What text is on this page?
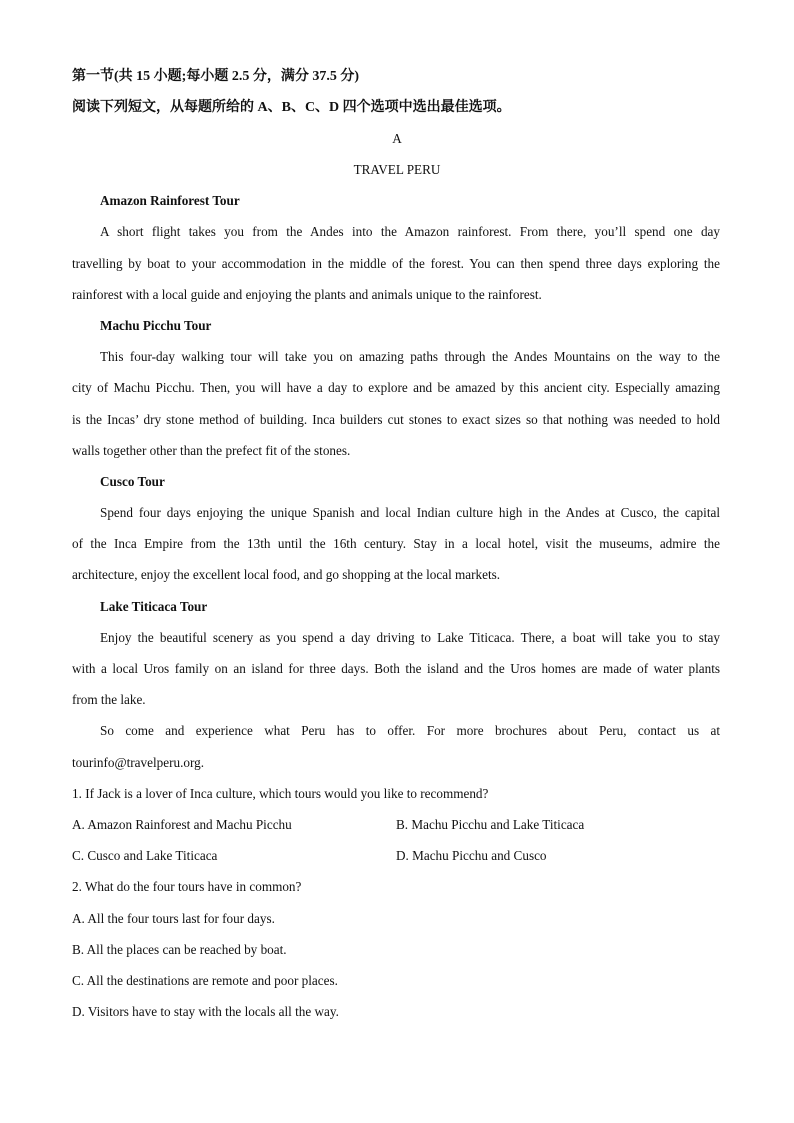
第一节(共 15 小题;每小题 2.5 分，满分 37.5 分)
阅读下列短文，从每题所给的 A、B、C、D 四个选项中选出最佳选项。
A
TRAVEL PERU
Amazon Rainforest Tour
A short flight takes you from the Andes into the Amazon rainforest. From there, you’ll spend one day
travelling by boat to your accommodation in the middle of the forest. You can then spend three days exploring the
rainforest with a local guide and enjoying the plants and animals unique to the rainforest.
Machu Picchu Tour
This four-day walking tour will take you on amazing paths through the Andes Mountains on the way to the
city of Machu Picchu. Then, you will have a day to explore and be amazed by this ancient city. Especially amazing
is the Incas’ dry stone method of building. Inca builders cut stones to exact sizes so that nothing was needed to hold
walls together other than the prefect fit of the stones.
Cusco Tour
Spend four days enjoying the unique Spanish and local Indian culture high in the Andes at Cusco, the capital
of the Inca Empire from the 13th until the 16th century. Stay in a local hotel, visit the museums, admire the
architecture, enjoy the excellent local food, and go shopping at the local markets.
Lake Titicaca Tour
Enjoy the beautiful scenery as you spend a day driving to Lake Titicaca. There, a boat will take you to stay
with a local Uros family on an island for three days. Both the island and the Uros homes are made of water plants
from the lake.
So come and experience what Peru has to offer. For more brochures about Peru, contact us at
tourinfo@travelperu.org.
1. If Jack is a lover of Inca culture, which tours would you like to recommend?
A. Amazon Rainforest and Machu Picchu	B. Machu Picchu and Lake Titicaca
C. Cusco and Lake Titicaca	D. Machu Picchu and Cusco
2. What do the four tours have in common?
A. All the four tours last for four days.
B. All the places can be reached by boat.
C. All the destinations are remote and poor places.
D. Visitors have to stay with the locals all the way.
